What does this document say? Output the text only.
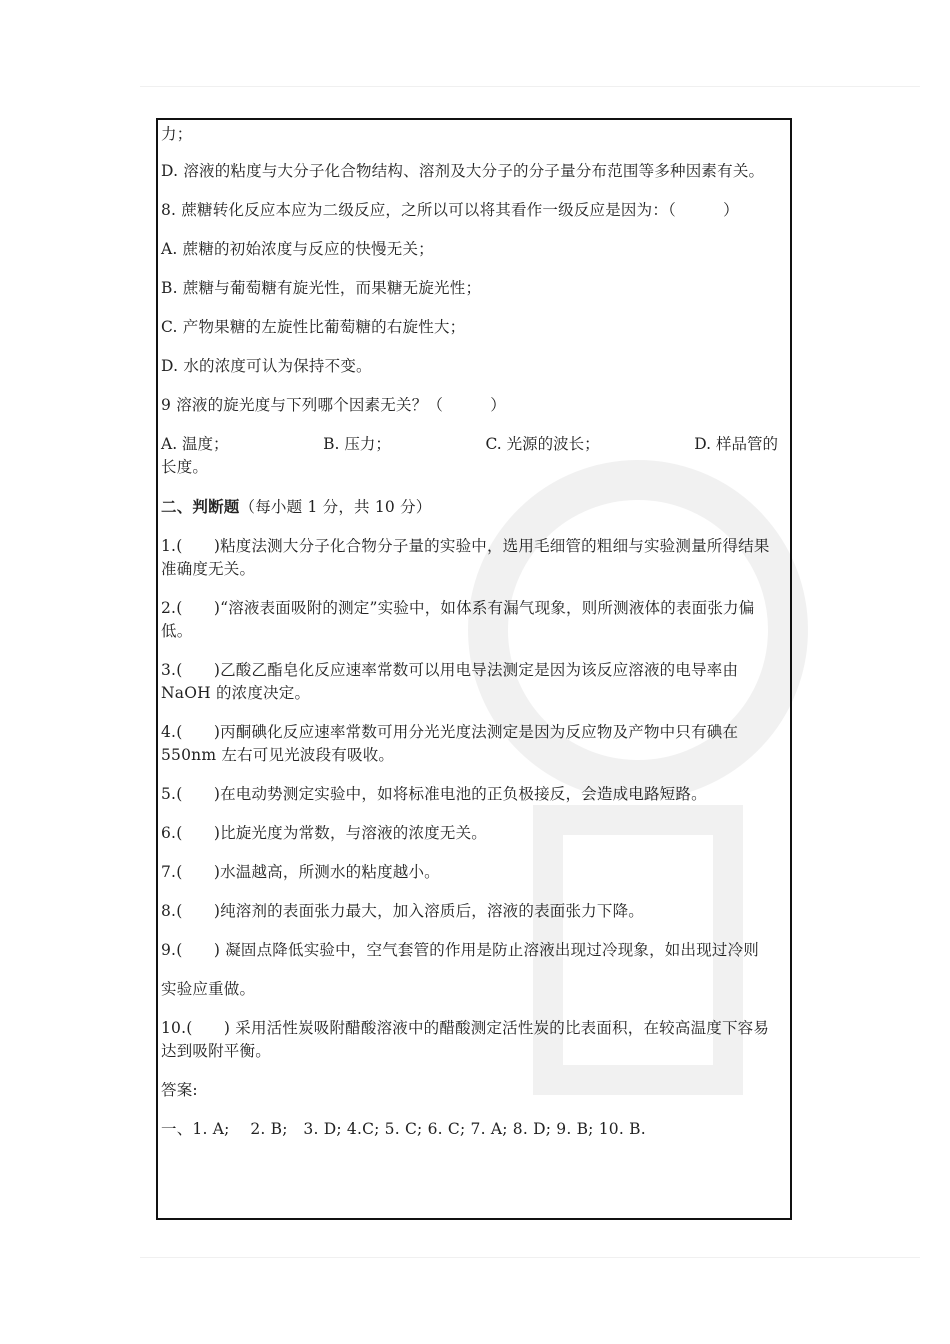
力；
D. 溶液的粘度与大分子化合物结构、溶剂及大分子的分子量分布范围等多种因素有关。
8. 蔗糖转化反应本应为二级反应，之所以可以将其看作一级反应是因为：（　　　）
A. 蔗糖的初始浓度与反应的快慢无关；
B. 蔗糖与葡萄糖有旋光性，而果糖无旋光性；
C. 产物果糖的左旋性比葡萄糖的右旋性大；
D. 水的浓度可认为保持不变。
9 溶液的旋光度与下列哪个因素无关？（　　　）
A. 温度；	B. 压力；	C. 光源的波长；	D. 样品管的
长度。
二、判断题（每小题 1 分，共 10 分）
1.(　　)粘度法测大分子化合物分子量的实验中，选用毛细管的粗细与实验测量所得结果准确度无关。
2.(　　)“溶液表面吸附的测定”实验中，如体系有漏气现象，则所测液体的表面张力偏低。
3.(　　)乙酸乙酯皂化反应速率常数可以用电导法测定是因为该反应溶液的电导率由 NaOH 的浓度决定。
4.(　　)丙酮碘化反应速率常数可用分光光度法测定是因为反应物及产物中只有碘在 550nm 左右可见光波段有吸收。
5.(　　)在电动势测定实验中，如将标准电池的正负极接反，会造成电路短路。
6.(　　)比旋光度为常数，与溶液的浓度无关。
7.(　　)水温越高，所测水的粘度越小。
8.(　　)纯溶剂的表面张力最大，加入溶质后，溶液的表面张力下降。
9.(　　) 凝固点降低实验中，空气套管的作用是防止溶液出现过冷现象，如出现过冷则
实验应重做。
10.(　　) 采用活性炭吸附醋酸溶液中的醋酸测定活性炭的比表面积，在较高温度下容易达到吸附平衡。
答案:
一、1. A;　 2. B;　3. D; 4.C; 5. C; 6. C; 7. A; 8. D; 9. B; 10. B.
